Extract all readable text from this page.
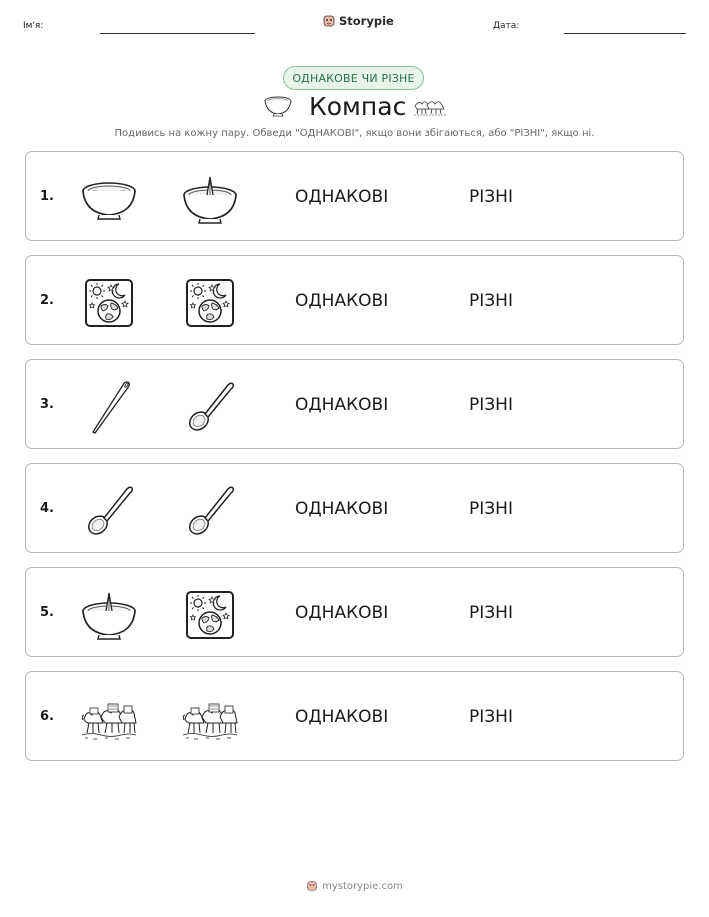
Ім'я:	Storypie	Дата:
ОДНАКОВЕ ЧИ РІЗНЕ
Компас
Подивись на кожну пару. Обведи "ОДНАКОВІ", якщо вони збігаються, або "РІЗНІ", якщо ні.
1.	ОДНАКОВІ	РІЗНІ
2.	ОДНАКОВІ	РІЗНІ
3.	ОДНАКОВІ	РІЗНІ
4.	ОДНАКОВІ	РІЗНІ
5.	ОДНАКОВІ	РІЗНІ
6.	ОДНАКОВІ	РІЗНІ
mystorypie.com
